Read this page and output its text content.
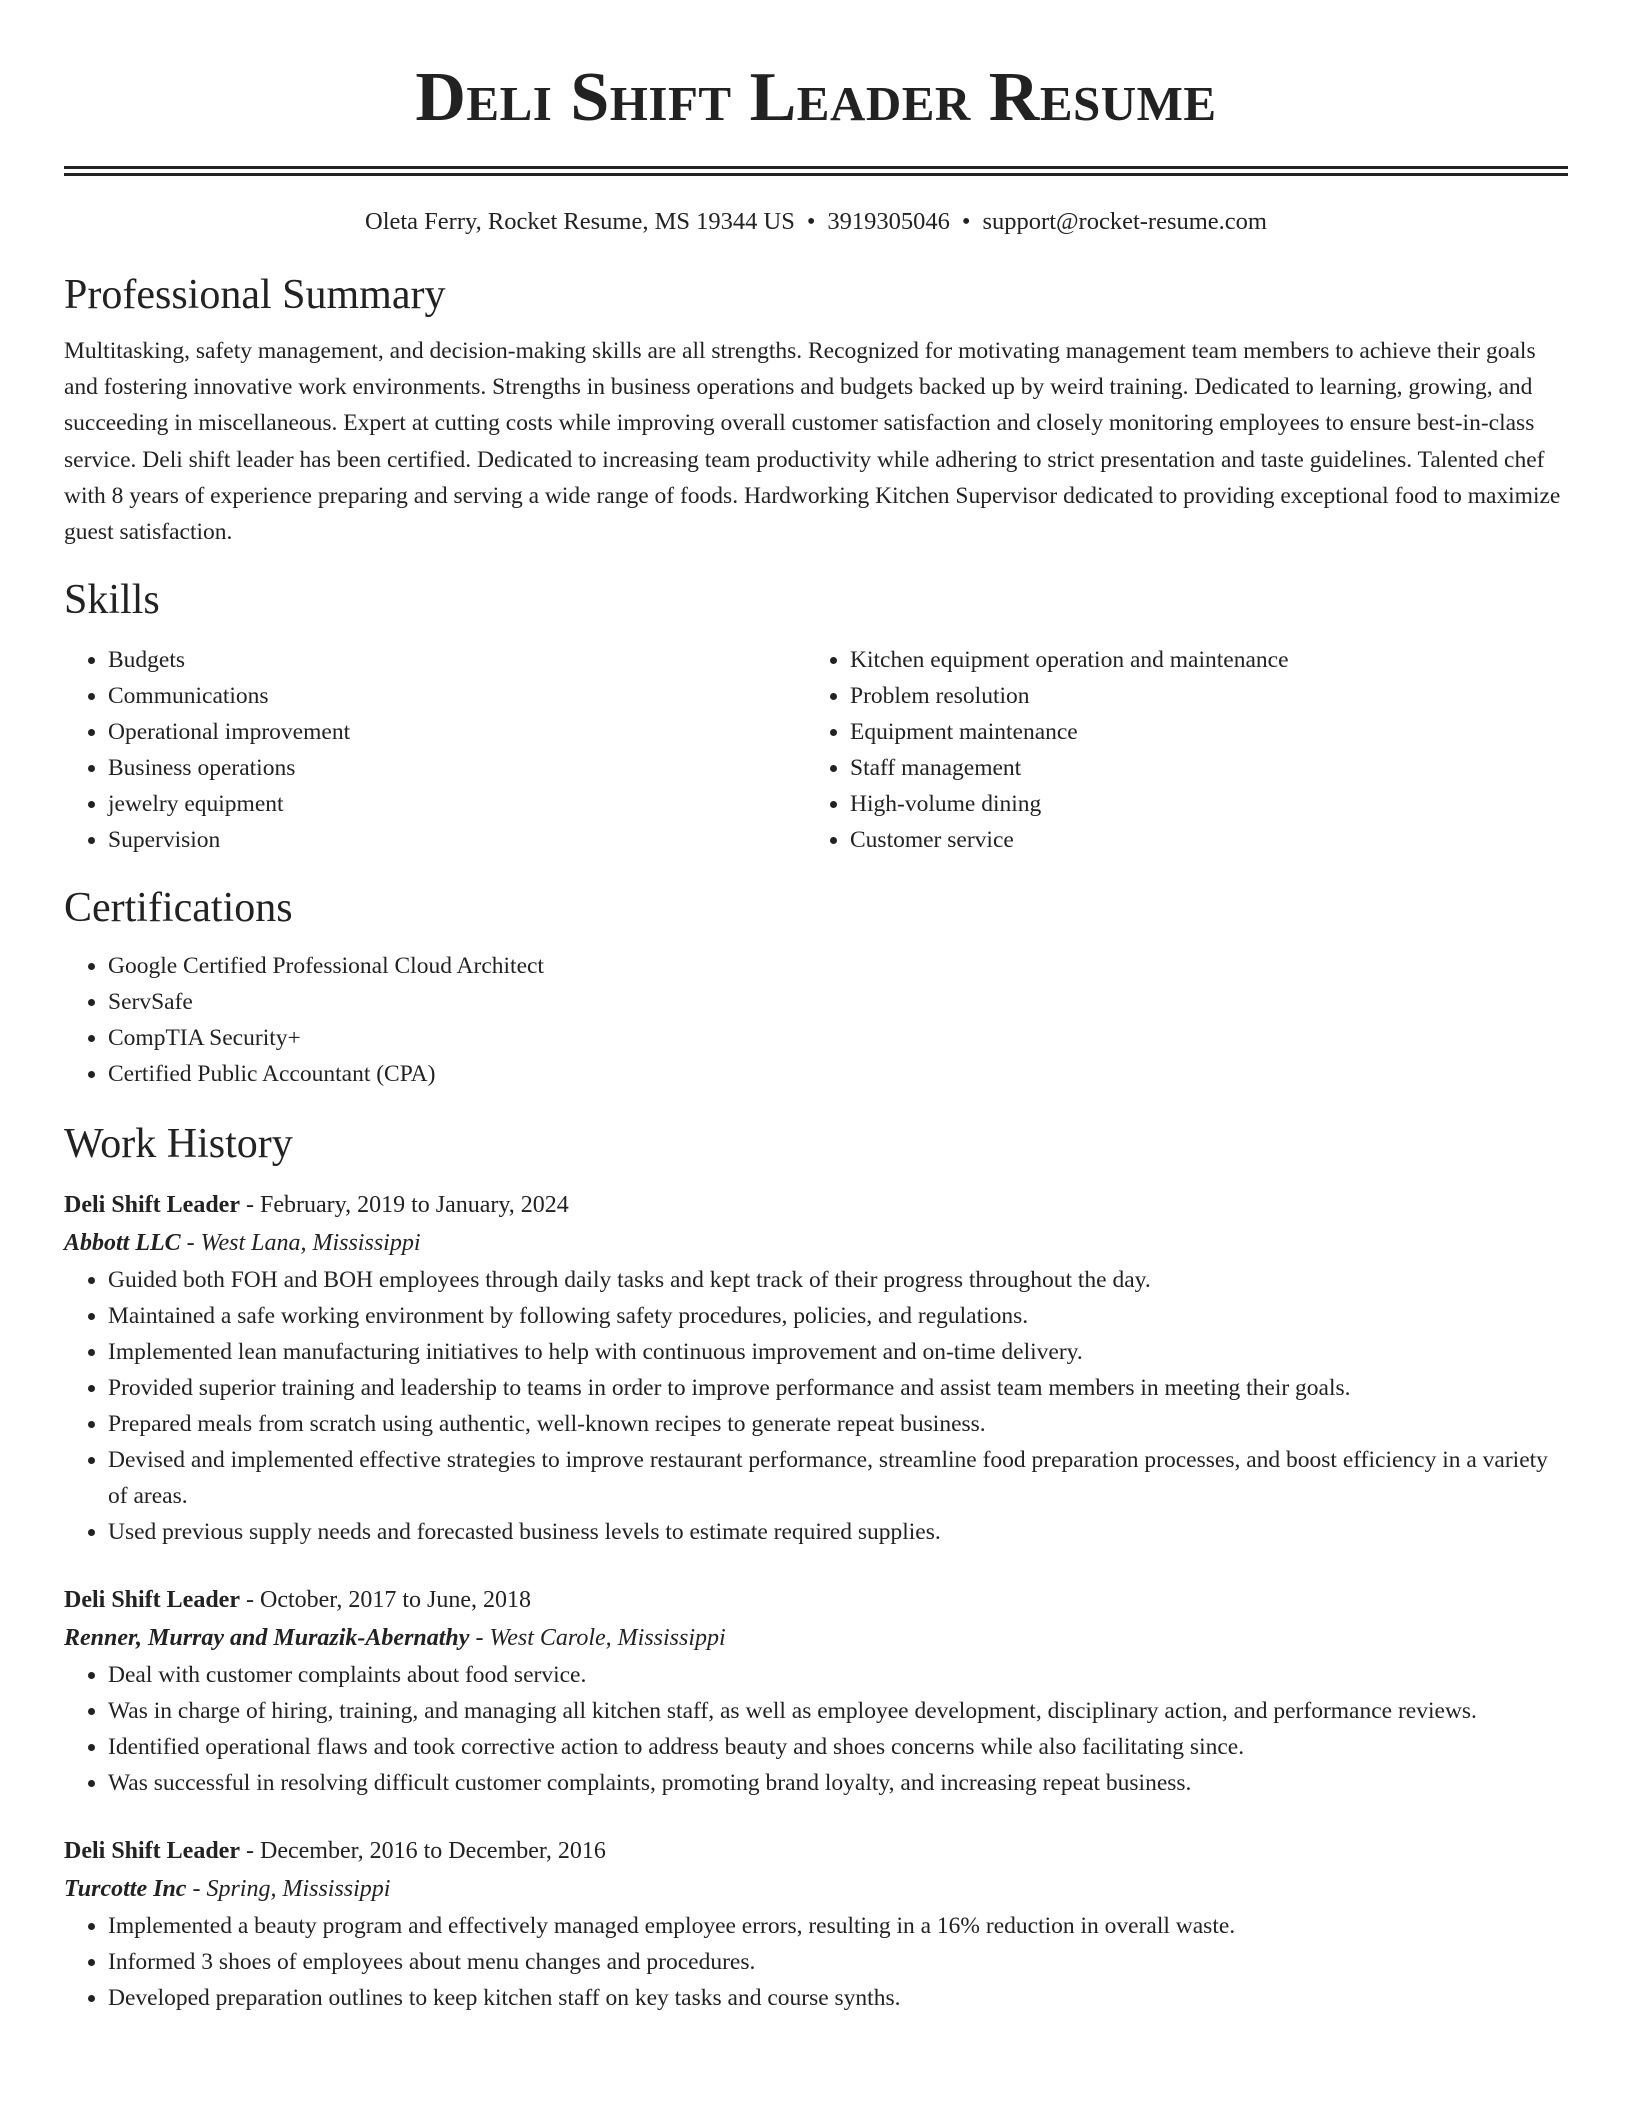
Deli Shift Leader Resume
Oleta Ferry, Rocket Resume, MS 19344 US • 3919305046 • support@rocket-resume.com
Professional Summary

Multitasking, safety management, and decision-making skills are all strengths. Recognized for motivating management team members to achieve their goals and fostering innovative work environments. Strengths in business operations and budgets backed up by weird training. Dedicated to learning, growing, and succeeding in miscellaneous. Expert at cutting costs while improving overall customer satisfaction and closely monitoring employees to ensure best-in-class service. Deli shift leader has been certified. Dedicated to increasing team productivity while adhering to strict presentation and taste guidelines. Talented chef with 8 years of experience preparing and serving a wide range of foods. Hardworking Kitchen Supervisor dedicated to providing exceptional food to maximize guest satisfaction.

Skills
• Budgets
• Communications
• Operational improvement
• Business operations
• jewelry equipment
• Supervision
• Kitchen equipment operation and maintenance
• Problem resolution
• Equipment maintenance
• Staff management
• High-volume dining
• Customer service
Certifications
• Google Certified Professional Cloud Architect
• ServSafe
• CompTIA Security+
• Certified Public Accountant (CPA)
Work History
Deli Shift Leader - February, 2019 to January, 2024
Abbott LLC - West Lana, Mississippi
• Guided both FOH and BOH employees through daily tasks and kept track of their progress throughout the day.
• Maintained a safe working environment by following safety procedures, policies, and regulations.
• Implemented lean manufacturing initiatives to help with continuous improvement and on-time delivery.
• Provided superior training and leadership to teams in order to improve performance and assist team members in meeting their goals.
• Prepared meals from scratch using authentic, well-known recipes to generate repeat business.
• Devised and implemented effective strategies to improve restaurant performance, streamline food preparation processes, and boost efficiency in a variety of areas.
• Used previous supply needs and forecasted business levels to estimate required supplies.
Deli Shift Leader - October, 2017 to June, 2018
Renner, Murray and Murazik-Abernathy - West Carole, Mississippi
• Deal with customer complaints about food service.
• Was in charge of hiring, training, and managing all kitchen staff, as well as employee development, disciplinary action, and performance reviews.
• Identified operational flaws and took corrective action to address beauty and shoes concerns while also facilitating since.
• Was successful in resolving difficult customer complaints, promoting brand loyalty, and increasing repeat business.
Deli Shift Leader - December, 2016 to December, 2016
Turcotte Inc - Spring, Mississippi
• Implemented a beauty program and effectively managed employee errors, resulting in a 16% reduction in overall waste.
• Informed 3 shoes of employees about menu changes and procedures.
• Developed preparation outlines to keep kitchen staff on key tasks and course synths.
